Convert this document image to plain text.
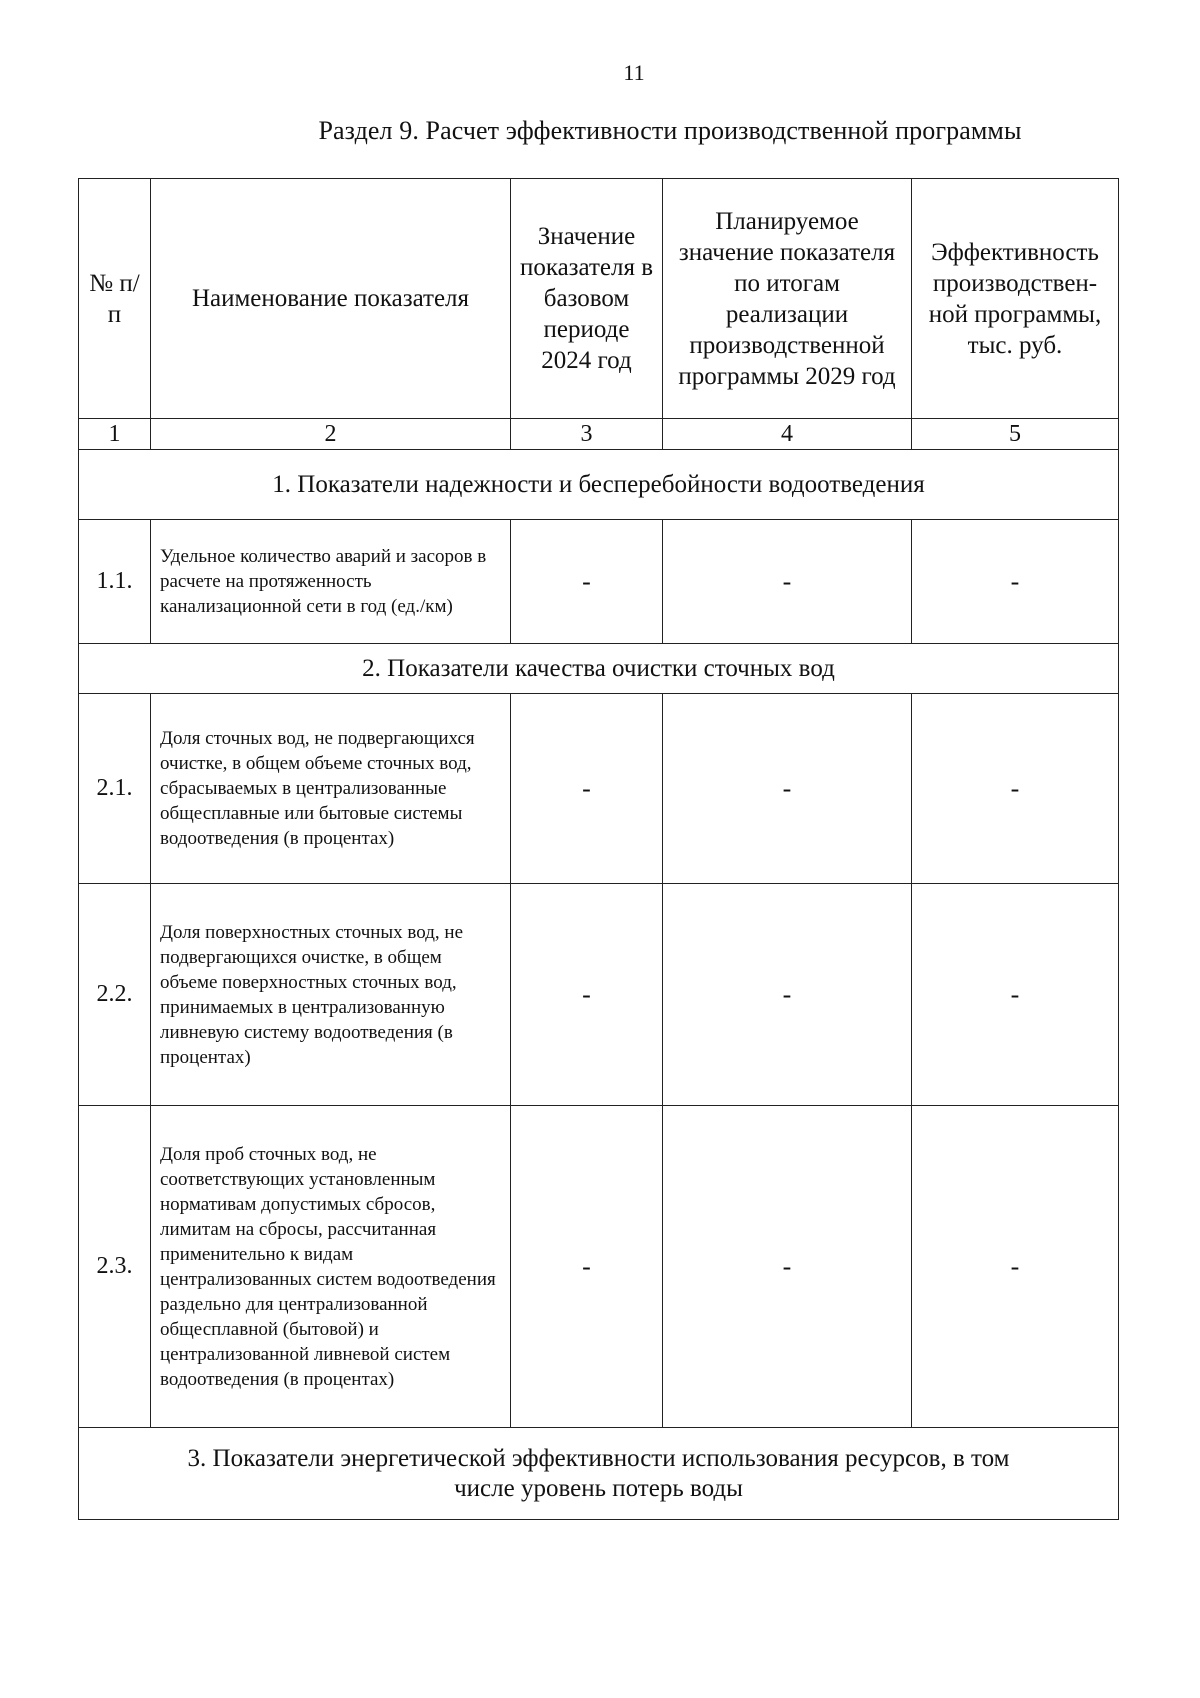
11
Раздел 9. Расчет эффективности производственной программы
№ п/п	Наименование показателя	Значение показателя в базовом периоде 2024 год	Планируемое значение показателя по итогам реализации производственной программы 2029 год	Эффективность производствен-ной программы, тыс. руб.
1	2	3	4	5
1. Показатели надежности и бесперебойности водоотведения				
1.1.	Удельное количество аварий и засоров в расчете на протяженность канализационной сети в год (ед./км)	-	-	-
2. Показатели качества очистки сточных вод				
2.1.	Доля сточных вод, не подвергающихся очистке, в общем объеме сточных вод, сбрасываемых в централизованные общесплавные или бытовые системы водоотведения (в процентах)	-	-	-
2.2.	Доля поверхностных сточных вод, не подвергающихся очистке, в общем объеме поверхностных сточных вод, принимаемых в централизованную ливневую систему водоотведения (в процентах)	-	-	-
2.3.	Доля проб сточных вод, не соответствующих установленным нормативам допустимых сбросов, лимитам на сбросы, рассчитанная применительно к видам централизованных систем водоотведения раздельно для централизованной общесплавной (бытовой) и централизованной ливневой систем водоотведения (в процентах)	-	-	-
3. Показатели энергетической эффективности использования ресурсов, в том числе уровень потерь воды				
